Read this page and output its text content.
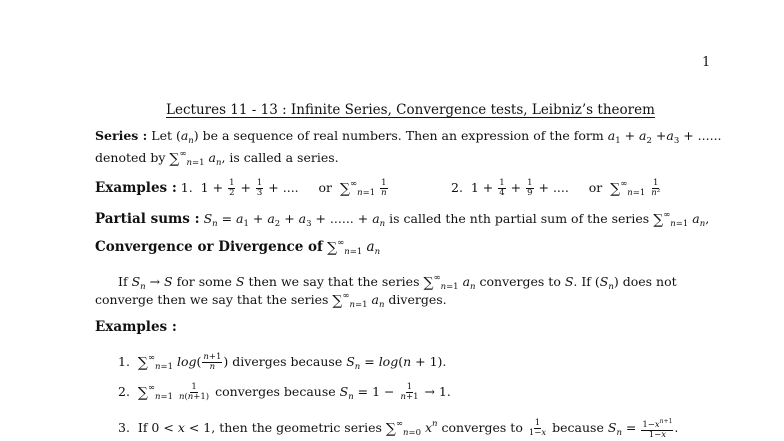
1
Lectures 11 - 13 : Infinite Series, Convergence tests, Leibniz’s theorem
Series : Let $(a_n)$ be a sequence of real numbers. Then an expression of the form $a_1 + a_2 +a_3$ + ......
denoted by $\sum^\infty_{n=1}$ $a_n$, is called a series.
Examples : 1.  $1 + \frac{1}{2} + \frac{1}{3}$ + .... or $\sum^\infty_{n=1} \frac{1}{n}$	2.  $1 + \frac{1}{4} + \frac{1}{9}$ + .... or $\sum^\infty_{n=1} \frac{1}{\text{n²}}$
Partial sums : $S_n = a_1 + a_2 + a_3$ + ...... + $a_n$ is called the nth partial sum of the series $\sum^\infty_{n=1}$ $a_n$,
Convergence or Divergence of $\sum^\infty_{n=1}$ $a_n$
If $S_n \to S$ for some S then we say that the series $\sum^\infty_{n=1}$ $a_n$ converges to S. If $(S_n)$ does not
converge then we say that the series $\sum^\infty_{n=1}$ $a_n$ diverges.
Examples :
1. $\sum^\infty_{n=1}$ $\log( \frac{n+1}{n}$ ) diverges because $S_n = \log(n + 1)$.
2. $\sum^\infty_{n=1} \frac{1}{n(n+1)}$ converges because $S_n = 1 - \frac{1}{n+1} \to 1$.
3. If 0 < x < 1, then the geometric series $\sum^\infty_{n=0}$ $x^n$ converges to $\frac{1}{1-x}$ because $S_n = \frac{1-x^{n+1}}{1-x}$ .
